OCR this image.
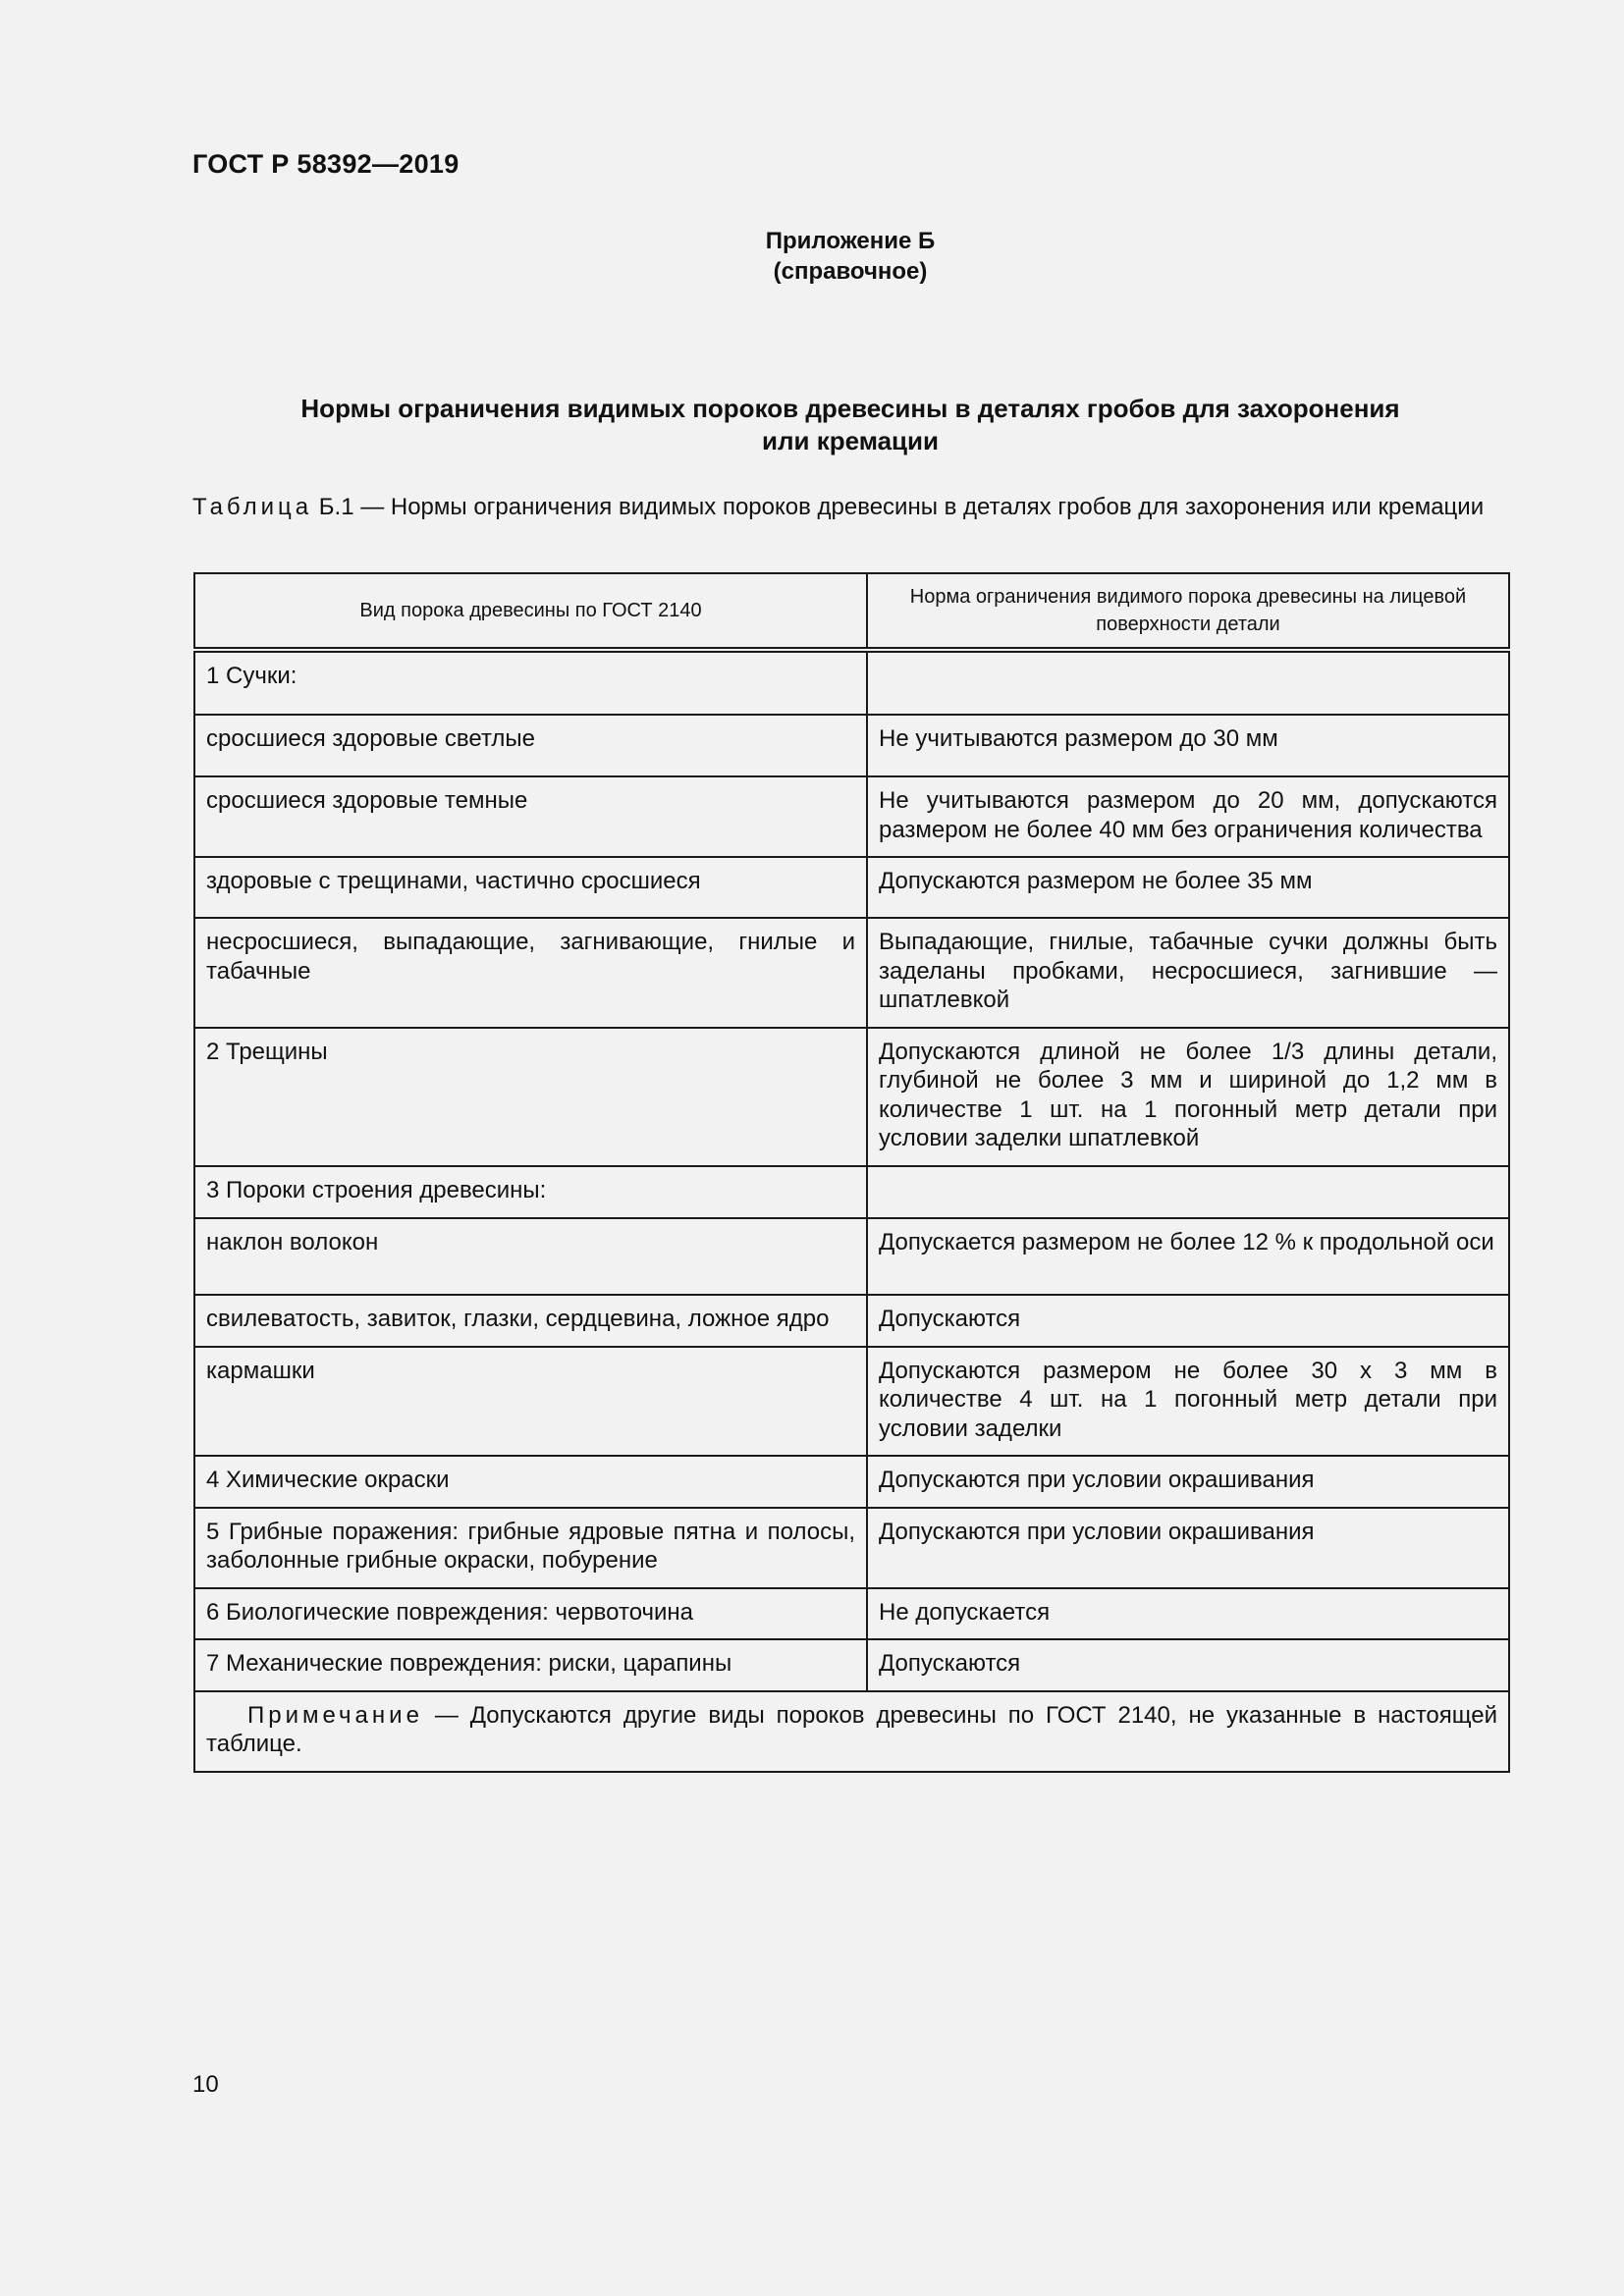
ГОСТ Р 58392—2019
Приложение Б
(справочное)
Нормы ограничения видимых пороков древесины в деталях гробов для захоронения
или кремации
Таблица Б.1 — Нормы ограничения видимых пороков древесины в деталях гробов для захоронения или кремации
Вид порока древесины по ГОСТ 2140	Норма ограничения видимого порока древесины на лицевой поверхности детали
1 Сучки:	
сросшиеся здоровые светлые	Не учитываются размером до 30 мм
сросшиеся здоровые темные	Не учитываются размером до 20 мм, допускаются размером не более 40 мм без ограничения количества
здоровые с трещинами, частично сросшиеся	Допускаются размером не более 35 мм
несросшиеся, выпадающие, загнивающие, гнилые и табачные	Выпадающие, гнилые, табачные сучки должны быть заделаны пробками, несросшиеся, загнившие — шпатлевкой
2 Трещины	Допускаются длиной не более 1/3 длины детали, глубиной не более 3 мм и шириной до 1,2 мм в количестве 1 шт. на 1 погонный метр детали при условии заделки шпатлевкой
3 Пороки строения древесины:	
наклон волокон	Допускается размером не более 12 % к продольной оси
свилеватость, завиток, глазки, сердцевина, ложное ядро	Допускаются
кармашки	Допускаются размером не более 30 х 3 мм в количестве 4 шт. на 1 погонный метр детали при условии заделки
4 Химические окраски	Допускаются при условии окрашивания
5 Грибные поражения: грибные ядровые пятна и полосы, заболонные грибные окраски, побурение	Допускаются при условии окрашивания
6 Биологические повреждения: червоточина	Не допускается
7 Механические повреждения: риски, царапины	Допускаются
Примечание — Допускаются другие виды пороков древесины по ГОСТ 2140, не указанные в настоящей таблице.	
10
